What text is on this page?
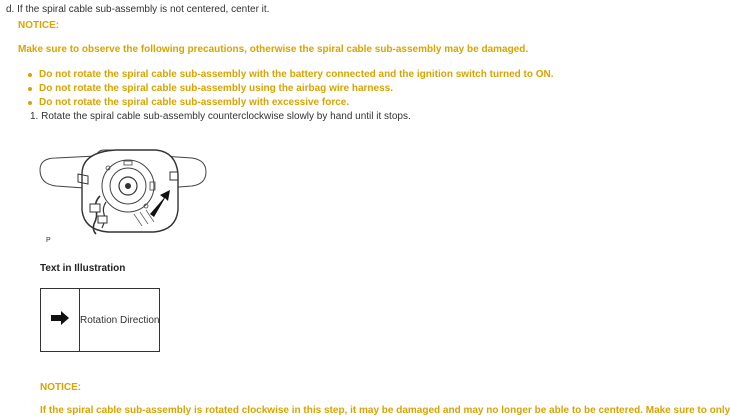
d. If the spiral cable sub-assembly is not centered, center it.
NOTICE:
Make sure to observe the following precautions, otherwise the spiral cable sub-assembly may be damaged.
Do not rotate the spiral cable sub-assembly with the battery connected and the ignition switch turned to ON.
Do not rotate the spiral cable sub-assembly using the airbag wire harness.
Do not rotate the spiral cable sub-assembly with excessive force.
1. Rotate the spiral cable sub-assembly counterclockwise slowly by hand until it stops.
P
Text in Illustration
	Rotation Direction
NOTICE:
If the spiral cable sub-assembly is rotated clockwise in this step, it may be damaged and may no longer be able to be centered. Make sure to only
